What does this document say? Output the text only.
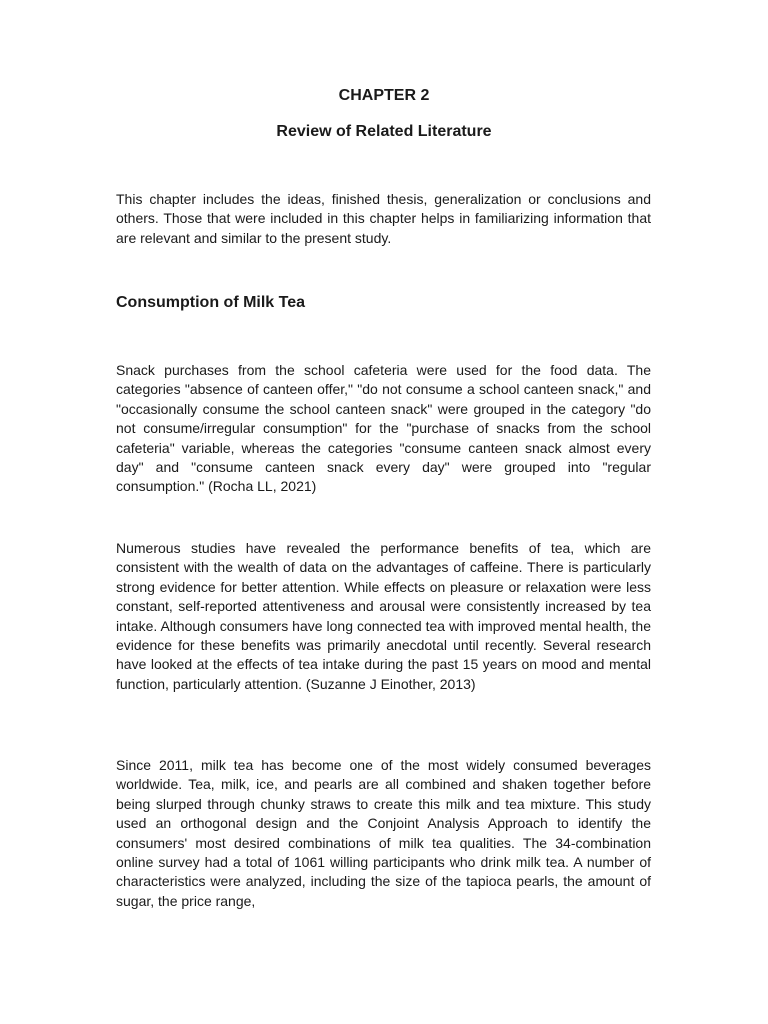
CHAPTER 2
Review of Related Literature

This chapter includes the ideas, finished thesis, generalization or conclusions and others. Those that were included in this chapter helps in familiarizing information that are relevant and similar to the present study.

Consumption of Milk Tea

Snack purchases from the school cafeteria were used for the food data. The categories "absence of canteen offer," "do not consume a school canteen snack," and "occasionally consume the school canteen snack" were grouped in the category "do not consume/irregular consumption" for the "purchase of snacks from the school cafeteria" variable, whereas the categories "consume canteen snack almost every day" and "consume canteen snack every day" were grouped into "regular consumption." (Rocha LL, 2021)

Numerous studies have revealed the performance benefits of tea, which are consistent with the wealth of data on the advantages of caffeine. There is particularly strong evidence for better attention. While effects on pleasure or relaxation were less constant, self-reported attentiveness and arousal were consistently increased by tea intake. Although consumers have long connected tea with improved mental health, the evidence for these benefits was primarily anecdotal until recently. Several research have looked at the effects of tea intake during the past 15 years on mood and mental function, particularly attention. (Suzanne J Einother, 2013)

Since 2011, milk tea has become one of the most widely consumed beverages worldwide. Tea, milk, ice, and pearls are all combined and shaken together before being slurped through chunky straws to create this milk and tea mixture. This study used an orthogonal design and the Conjoint Analysis Approach to identify the consumers' most desired combinations of milk tea qualities. The 34-combination online survey had a total of 1061 willing participants who drink milk tea. A number of characteristics were analyzed, including the size of the tapioca pearls, the amount of sugar, the price range,
